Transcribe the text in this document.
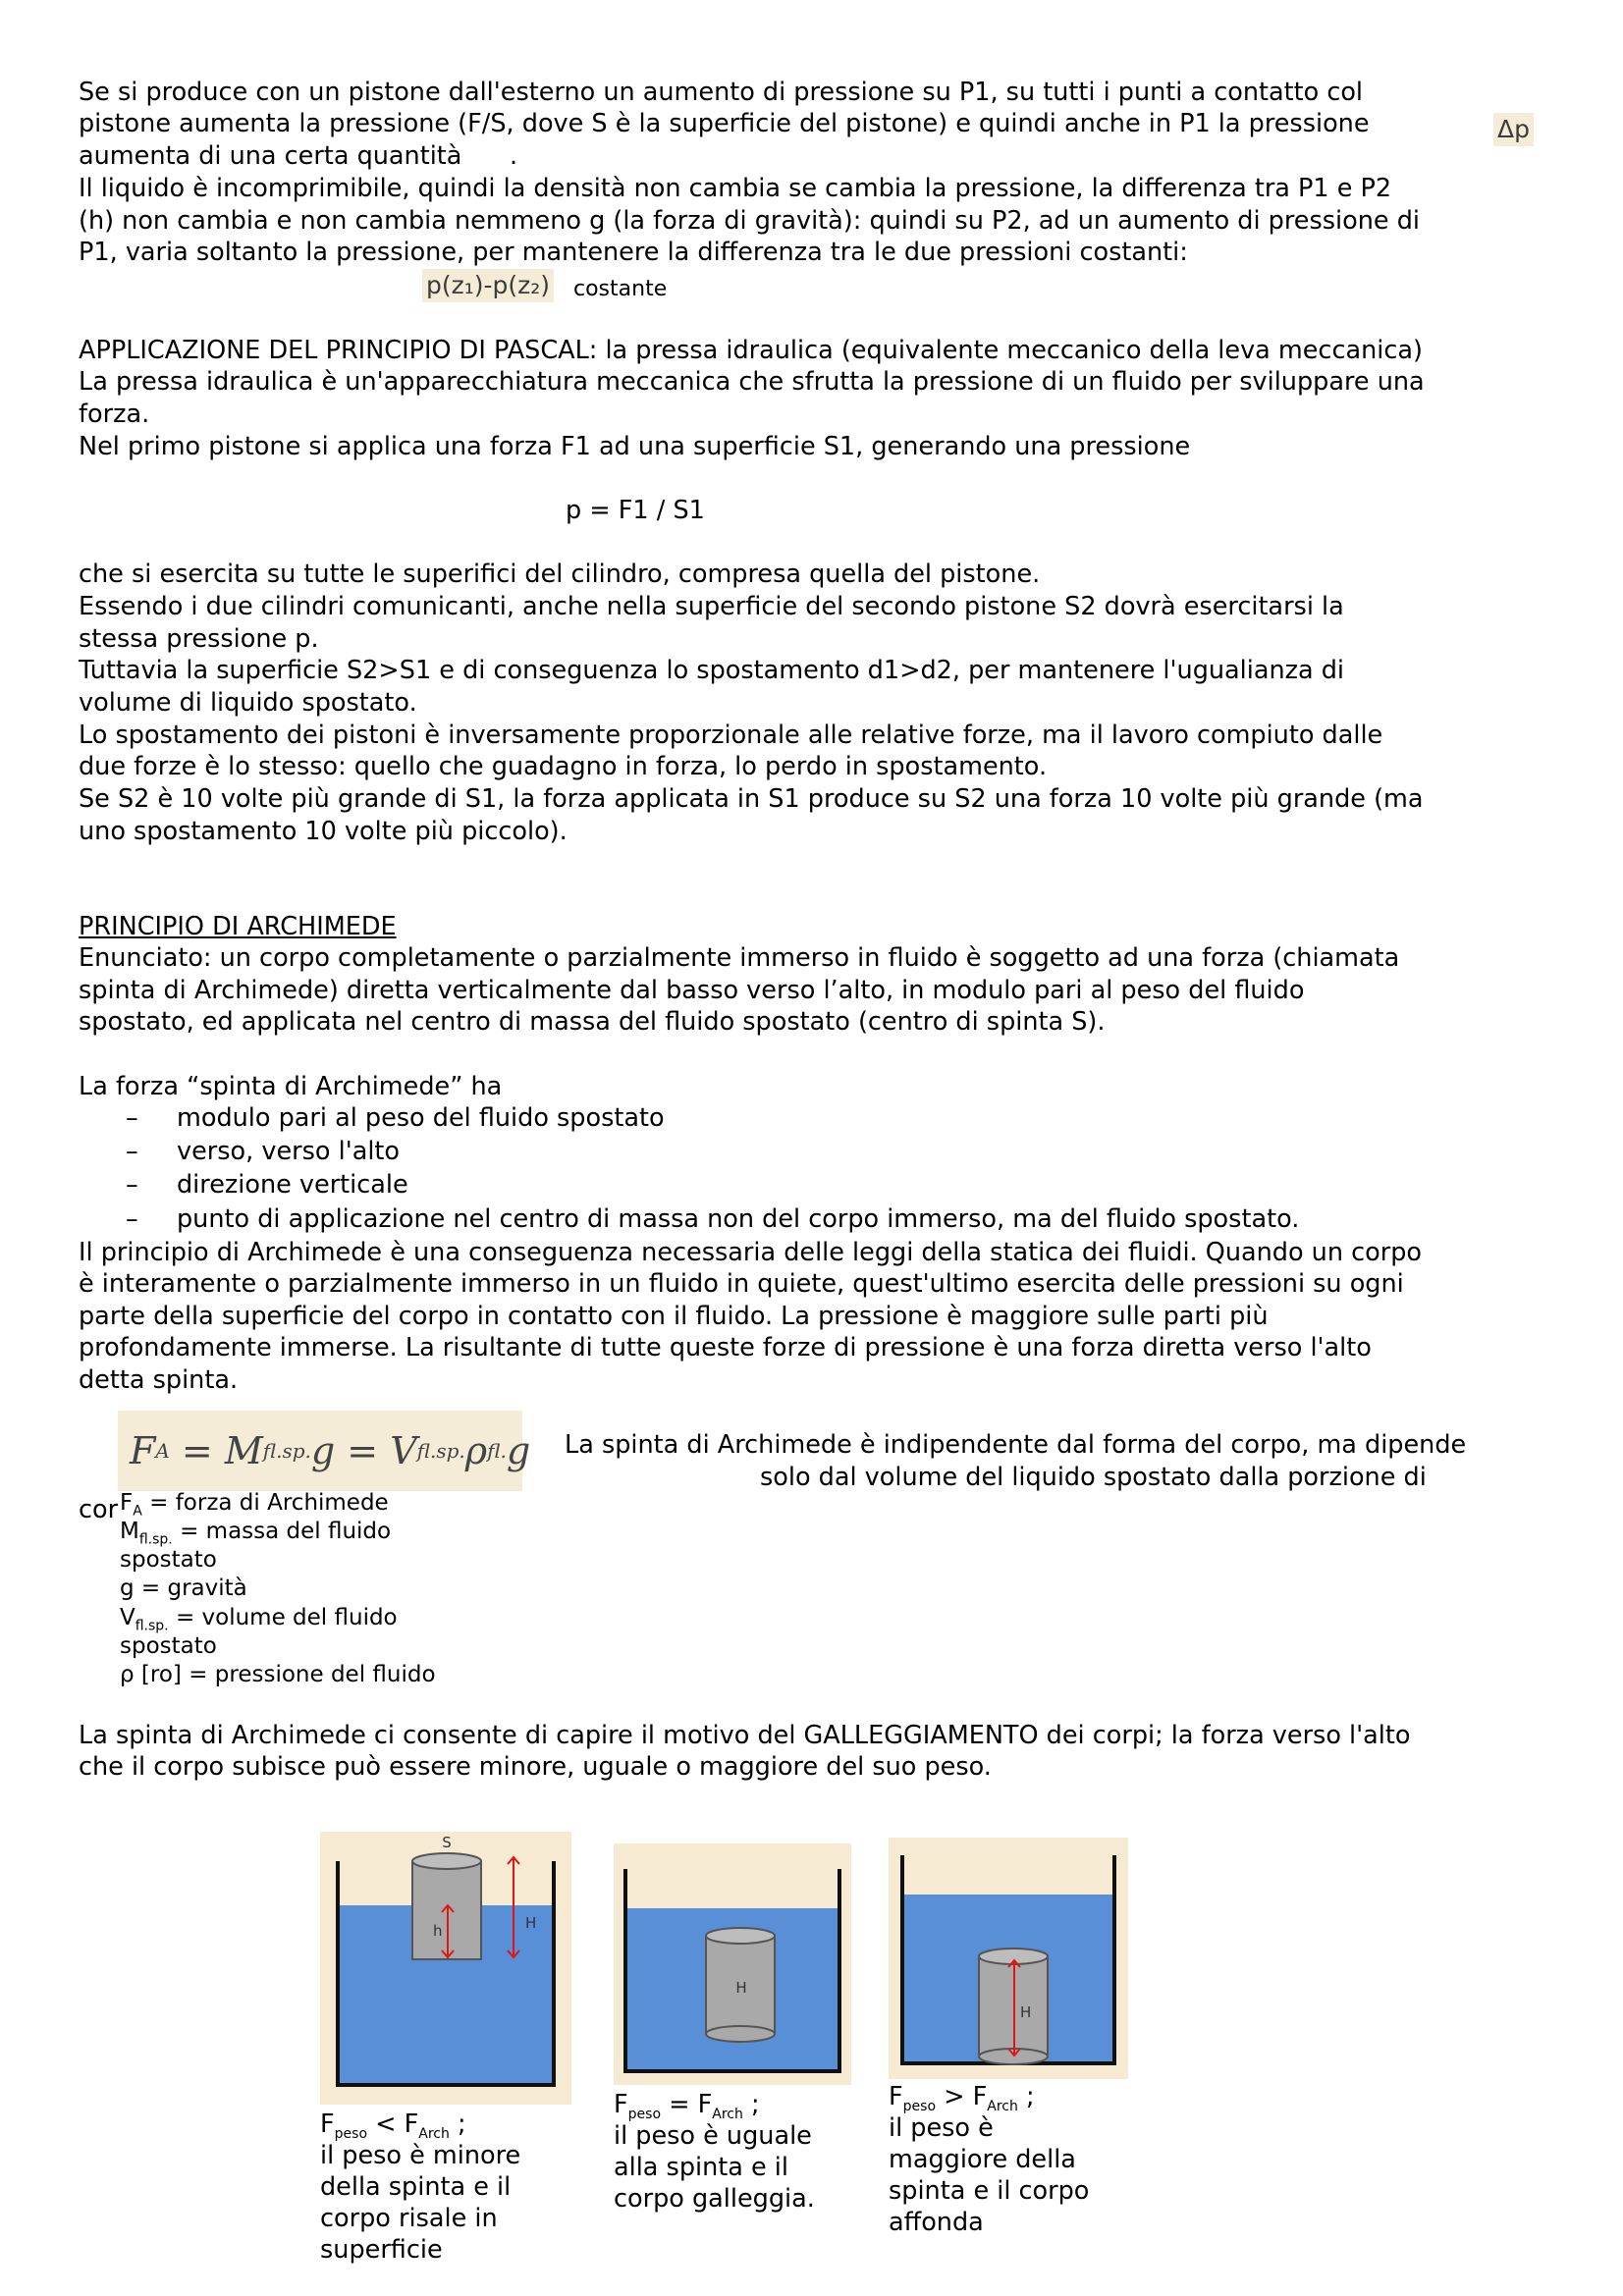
Se si produce con un pistone dall'esterno un aumento di pressione su P1, su tutti i punti a contatto col

pistone aumenta la pressione (F/S, dove S è la superficie del pistone) e quindi anche in P1 la pressione	Δp

aumenta di una certa quantità      .

Il liquido è incomprimibile, quindi la densità non cambia se cambia la pressione, la differenza tra P1 e P2

(h) non cambia e non cambia nemmeno g (la forza di gravità): quindi su P2, ad un aumento di pressione di

P1, varia soltanto la pressione, per mantenere la differenza tra le due pressioni costanti:

p(z₁)-p(z₂) costante

APPLICAZIONE DEL PRINCIPIO DI PASCAL: la pressa idraulica (equivalente meccanico della leva meccanica)

La pressa idraulica è un'apparecchiatura meccanica che sfrutta la pressione di un fluido per sviluppare una

forza.

Nel primo pistone si applica una forza F1 ad una superficie S1, generando una pressione

p = F1 / S1

che si esercita su tutte le superifici del cilindro, compresa quella del pistone.

Essendo i due cilindri comunicanti, anche nella superficie del secondo pistone S2 dovrà esercitarsi la

stessa pressione p.

Tuttavia la superficie S2>S1 e di conseguenza lo spostamento d1>d2, per mantenere l'ugualianza di

volume di liquido spostato.

Lo spostamento dei pistoni è inversamente proporzionale alle relative forze, ma il lavoro compiuto dalle

due forze è lo stesso: quello che guadagno in forza, lo perdo in spostamento.

Se S2 è 10 volte più grande di S1, la forza applicata in S1 produce su S2 una forza 10 volte più grande (ma

uno spostamento 10 volte più piccolo).

PRINCIPIO DI ARCHIMEDE

Enunciato: un corpo completamente o parzialmente immerso in fluido è soggetto ad una forza (chiamata

spinta di Archimede) diretta verticalmente dal basso verso l’alto, in modulo pari al peso del fluido

spostato, ed applicata nel centro di massa del fluido spostato (centro di spinta S).

La forza “spinta di Archimede” ha

– modulo pari al peso del fluido spostato
– verso, verso l'alto
– direzione verticale
– punto di applicazione nel centro di massa non del corpo immerso, ma del fluido spostato.

Il principio di Archimede è una conseguenza necessaria delle leggi della statica dei fluidi. Quando un corpo

è interamente o parzialmente immerso in un fluido in quiete, quest'ultimo esercita delle pressioni su ogni

parte della superficie del corpo in contatto con il fluido. La pressione è maggiore sulle parti più

profondamente immerse. La risultante di tutte queste forze di pressione è una forza diretta verso l'alto

detta spinta.

F A = M fl.sp. g = V fl.sp. ρ fl. g La spinta di Archimede è indipendente dal forma del corpo, ma dipende

solo dal volume del liquido spostato dalla porzione di

cor $F_A$ = forza di Archimede
$M_{fl.sp.}$ = massa del fluido
spostato
g = gravità
$V_{fl.sp.}$ = volume del fluido
spostato
ρ [ro] = pressione del fluido

La spinta di Archimede ci consente di capire il motivo del GALLEGGIAMENTO dei corpi; la forza verso l'alto

che il corpo subisce può essere minore, uguale o maggiore del suo peso.

S
h	H
H
H
$F_{peso} < F_{Arch}$ ;
il peso è minore
della spinta e il
corpo risale in
superficie
$F_{peso} = F_{Arch}$ ;
il peso è uguale
alla spinta e il
corpo galleggia.
$F_{peso} > F_{Arch}$ ;
il peso è
maggiore della
spinta e il corpo
affonda
